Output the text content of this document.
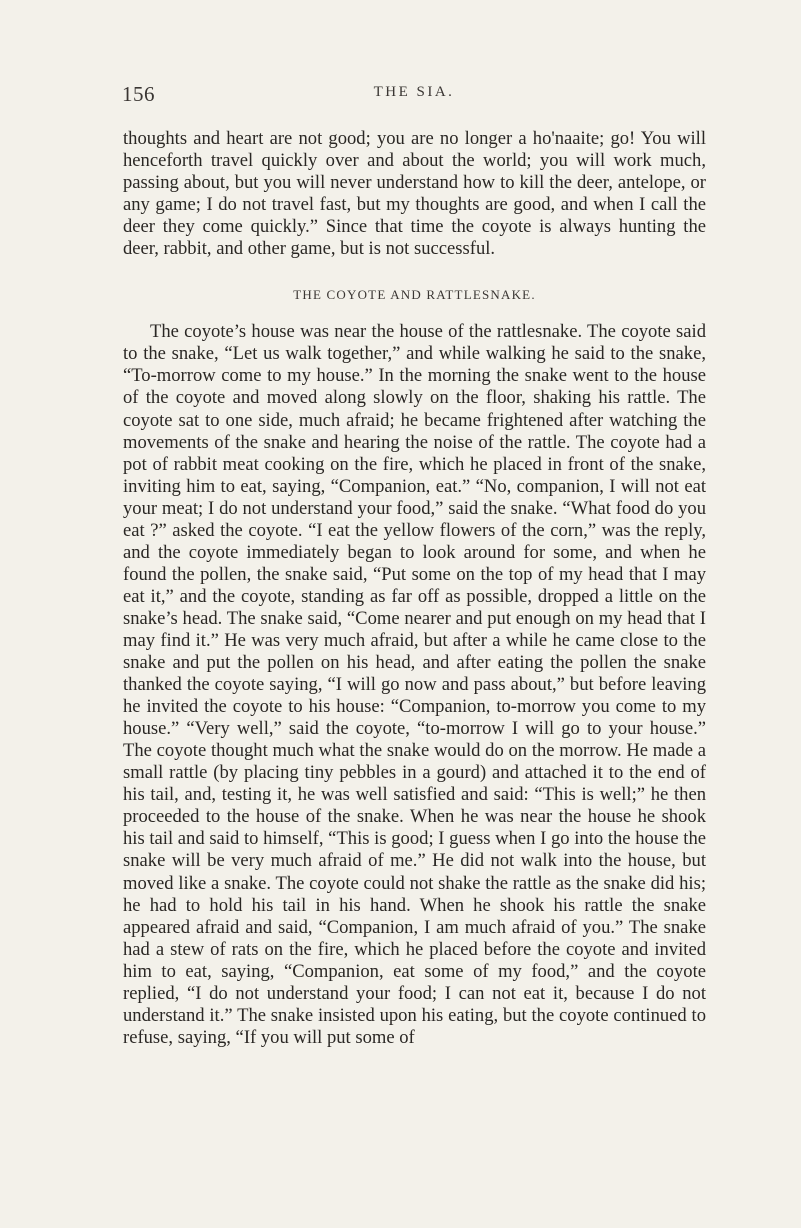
156	THE SIA.

thoughts and heart are not good; you are no longer a ho'naaite; go! You will henceforth travel quickly over and about the world; you will work much, passing about, but you will never understand how to kill the deer, antelope, or any game; I do not travel fast, but my thoughts are good, and when I call the deer they come quickly.” Since that time the coyote is always hunting the deer, rabbit, and other game, but is not successful.

THE COYOTE AND RATTLESNAKE.

The coyote’s house was near the house of the rattlesnake. The coyote said to the snake, “Let us walk together,” and while walking he said to the snake, “To-morrow come to my house.” In the morning the snake went to the house of the coyote and moved along slowly on the floor, shaking his rattle. The coyote sat to one side, much afraid; he became frightened after watching the movements of the snake and hearing the noise of the rattle. The coyote had a pot of rabbit meat cooking on the fire, which he placed in front of the snake, inviting him to eat, saying, “Companion, eat.” “No, companion, I will not eat your meat; I do not understand your food,” said the snake. “What food do you eat ?” asked the coyote. “I eat the yellow flowers of the corn,” was the reply, and the coyote immediately began to look around for some, and when he found the pollen, the snake said, “Put some on the top of my head that I may eat it,” and the coyote, standing as far off as possible, dropped a little on the snake’s head. The snake said, “Come nearer and put enough on my head that I may find it.” He was very much afraid, but after a while he came close to the snake and put the pollen on his head, and after eating the pollen the snake thanked the coyote saying, “I will go now and pass about,” but before leaving he invited the coyote to his house: “Companion, to-morrow you come to my house.” “Very well,” said the coyote, “to-morrow I will go to your house.” The coyote thought much what the snake would do on the morrow. He made a small rattle (by placing tiny pebbles in a gourd) and attached it to the end of his tail, and, testing it, he was well satisfied and said: “This is well;” he then proceeded to the house of the snake. When he was near the house he shook his tail and said to himself, “This is good; I guess when I go into the house the snake will be very much afraid of me.” He did not walk into the house, but moved like a snake. The coyote could not shake the rattle as the snake did his; he had to hold his tail in his hand. When he shook his rattle the snake appeared afraid and said, “Companion, I am much afraid of you.” The snake had a stew of rats on the fire, which he placed before the coyote and invited him to eat, saying, “Companion, eat some of my food,” and the coyote replied, “I do not understand your food; I can not eat it, because I do not understand it.” The snake insisted upon his eating, but the coyote continued to refuse, saying, “If you will put some of
